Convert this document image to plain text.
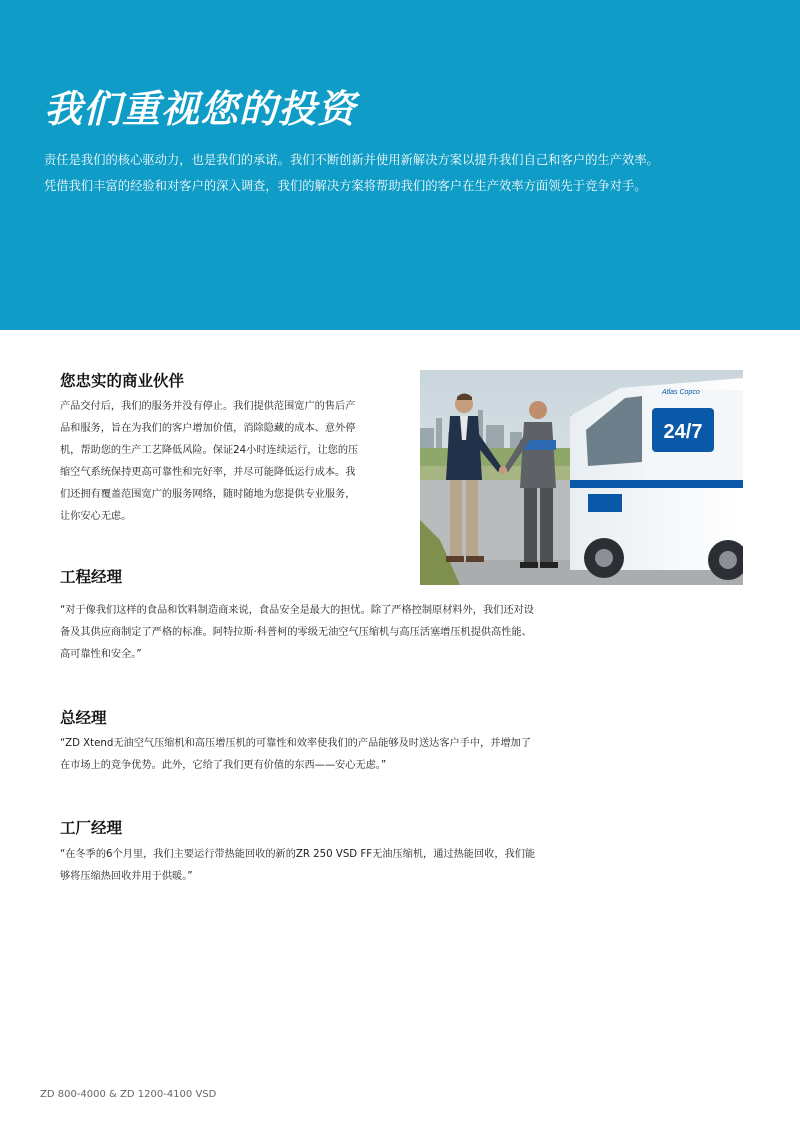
我们重视您的投资

责任是我们的核心驱动力，也是我们的承诺。我们不断创新并使用新解决方案以提升我们自己和客户的生产效率。

凭借我们丰富的经验和对客户的深入调查，我们的解决方案将帮助我们的客户在生产效率方面领先于竞争对手。

您忠实的商业伙伴
产品交付后，我们的服务并没有停止。我们提供范围宽广的售后产
品和服务，旨在为我们的客户增加价值，消除隐藏的成本、意外停
机，帮助您的生产工艺降低风险。保证24小时连续运行，让您的压
缩空气系统保持更高可靠性和完好率，并尽可能降低运行成本。我
们还拥有覆盖范围宽广的服务网络，随时随地为您提供专业服务，
让你安心无虑。
24/7
Atlas Copco
工程经理
“对于像我们这样的食品和饮料制造商来说，食品安全是最大的担忧。除了严格控制原材料外，我们还对设
备及其供应商制定了严格的标准。阿特拉斯·科普柯的零级无油空气压缩机与高压活塞增压机提供高性能、
高可靠性和安全。”
总经理
“ZD Xtend无油空气压缩机和高压增压机的可靠性和效率使我们的产品能够及时送达客户手中，并增加了
在市场上的竞争优势。此外，它给了我们更有价值的东西——安心无虑。”
工厂经理
“在冬季的6个月里，我们主要运行带热能回收的新的ZR 250 VSD FF无油压缩机，通过热能回收，我们能
够将压缩热回收并用于供暖。”

ZD 800-4000 & ZD 1200-4100 VSD
